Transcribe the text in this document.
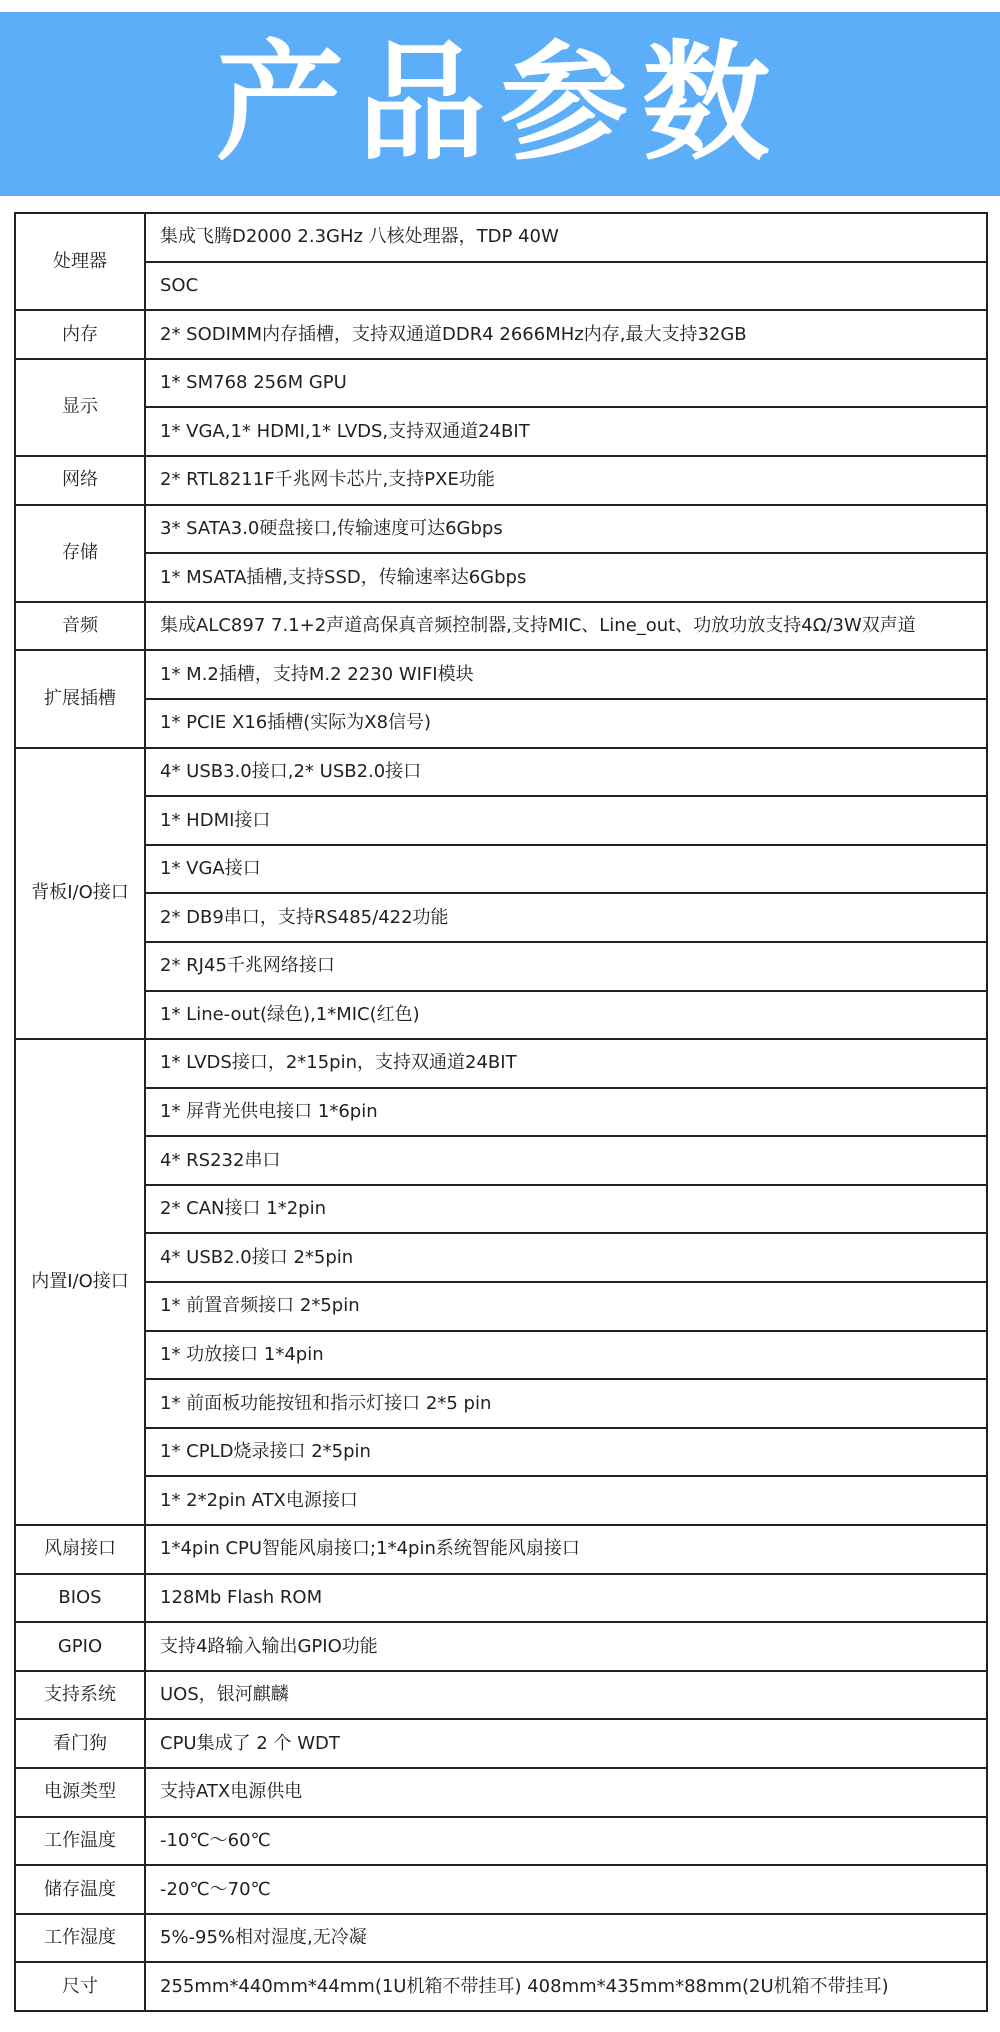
产品参数
处理器	集成飞腾D2000 2.3GHz 八核处理器，TDP 40W
	SOC
内存	2* SODIMM内存插槽，支持双通道DDR4 2666MHz内存,最大支持32GB
显示	1* SM768 256M GPU
	1* VGA,1* HDMI,1* LVDS,支持双通道24BIT
网络	2* RTL8211F千兆网卡芯片,支持PXE功能
存储	3* SATA3.0硬盘接口,传输速度可达6Gbps
	1* MSATA插槽,支持SSD，传输速率达6Gbps
音频	集成ALC897 7.1+2声道高保真音频控制器,支持MIC、Line_out、功放功放支持4Ω/3W双声道
扩展插槽	1* M.2插槽，支持M.2 2230 WIFI模块
	1* PCIE X16插槽(实际为X8信号)
背板I/O接口	4* USB3.0接口,2* USB2.0接口
	1* HDMI接口
	1* VGA接口
	2* DB9串口，支持RS485/422功能
	2* RJ45千兆网络接口
	1* Line-out(绿色),1*MIC(红色)
内置I/O接口	1* LVDS接口，2*15pin，支持双通道24BIT
	1* 屏背光供电接口 1*6pin
	4* RS232串口
	2* CAN接口 1*2pin
	4* USB2.0接口 2*5pin
	1* 前置音频接口 2*5pin
	1* 功放接口 1*4pin
	1* 前面板功能按钮和指示灯接口 2*5 pin
	1* CPLD烧录接口 2*5pin
	1* 2*2pin ATX电源接口
风扇接口	1*4pin CPU智能风扇接口;1*4pin系统智能风扇接口
BIOS	128Mb Flash ROM
GPIO	支持4路输入输出GPIO功能
支持系统	UOS，银河麒麟
看门狗	CPU集成了 2 个 WDT
电源类型	支持ATX电源供电
工作温度	-10℃～60℃
储存温度	-20℃～70℃
工作湿度	5%-95%相对湿度,无冷凝
尺寸	255mm*440mm*44mm(1U机箱不带挂耳) 408mm*435mm*88mm(2U机箱不带挂耳)
